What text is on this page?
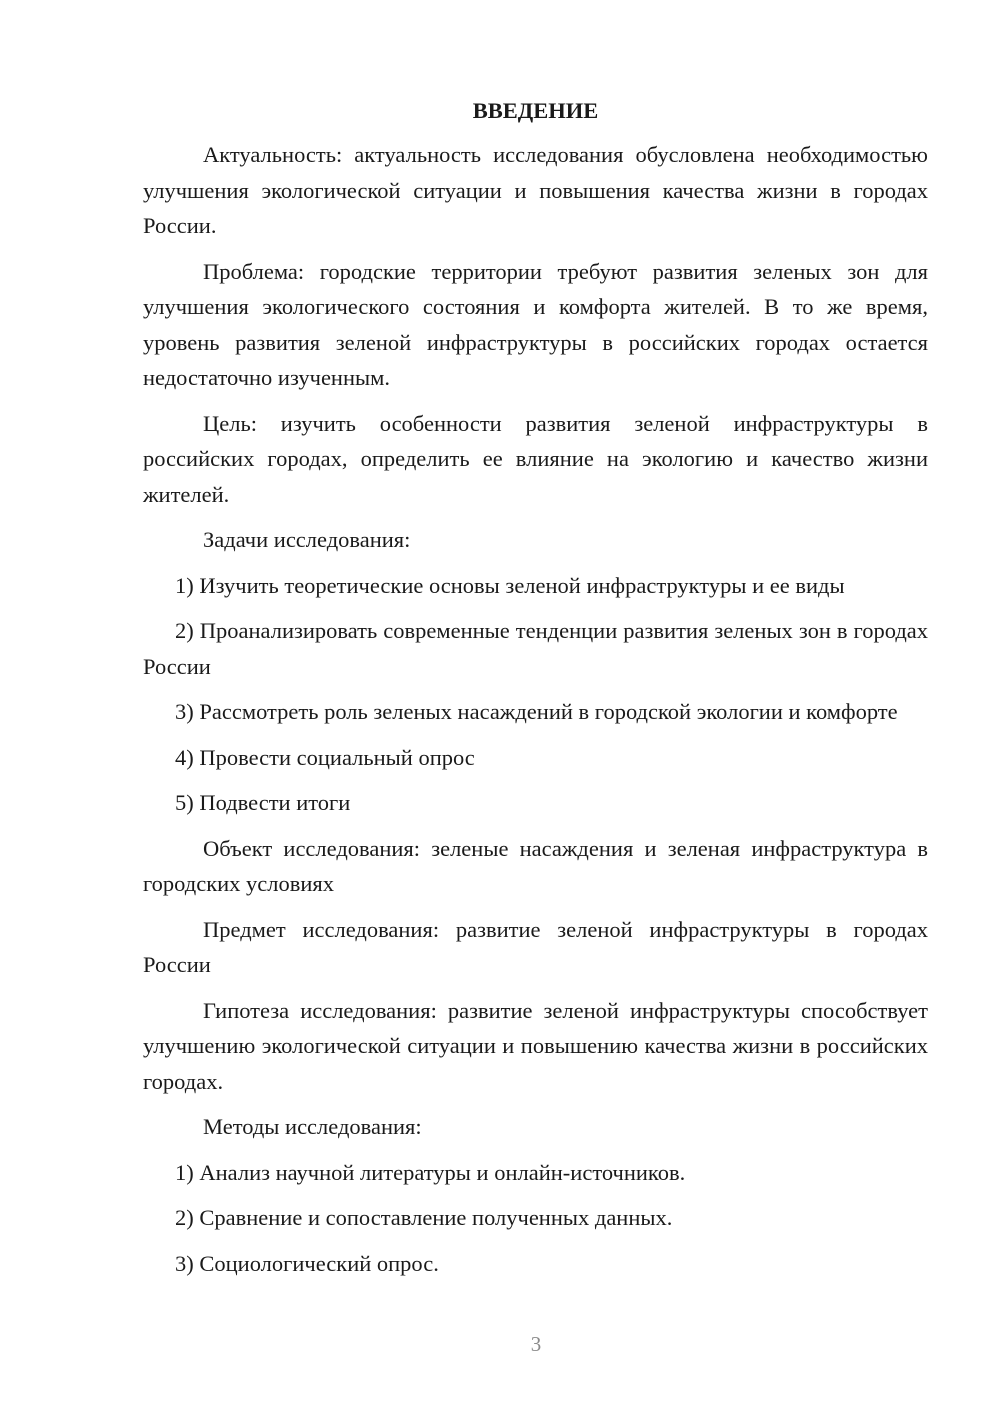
ВВЕДЕНИЕ

Актуальность: актуальность исследования обусловлена необходимостью улучшения экологической ситуации и повышения качества жизни в городах России.

Проблема: городские территории требуют развития зеленых зон для улучшения экологического состояния и комфорта жителей. В то же время, уровень развития зеленой инфраструктуры в российских городах остается недостаточно изученным.

Цель: изучить особенности развития зеленой инфраструктуры в российских городах, определить ее влияние на экологию и качество жизни жителей.

Задачи исследования:

1) Изучить теоретические основы зеленой инфраструктуры и ее виды

2) Проанализировать современные тенденции развития зеленых зон в городах России

3) Рассмотреть роль зеленых насаждений в городской экологии и комфорте

4) Провести социальный опрос

5) Подвести итоги

Объект исследования: зеленые насаждения и зеленая инфраструктура в городских условиях

Предмет исследования: развитие зеленой инфраструктуры в городах России

Гипотеза исследования: развитие зеленой инфраструктуры способствует улучшению экологической ситуации и повышению качества жизни в российских городах.

Методы исследования:

1) Анализ научной литературы и онлайн-источников.

2) Сравнение и сопоставление полученных данных.

3) Социологический опрос.

3
